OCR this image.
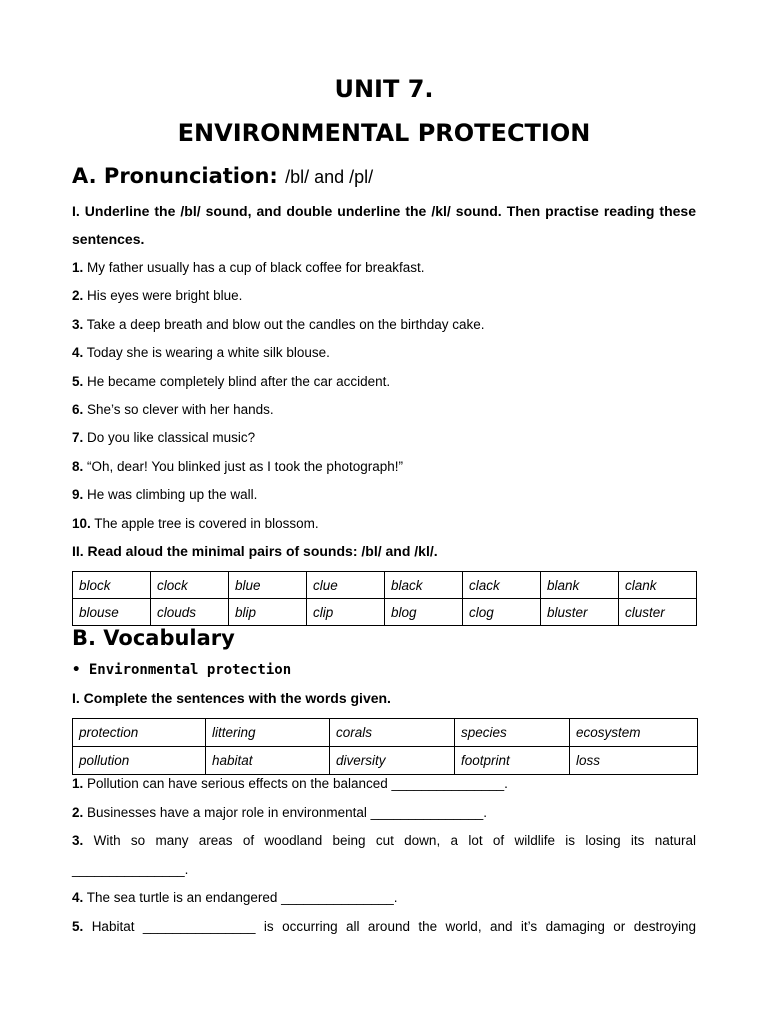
UNIT 7.
ENVIRONMENTAL PROTECTION
A. Pronunciation: /bl/ and /pl/
I. Underline the /bl/ sound, and double underline the /kl/ sound. Then practise reading these
sentences.
1. My father usually has a cup of black coffee for breakfast.
2. His eyes were bright blue.
3. Take a deep breath and blow out the candles on the birthday cake.
4. Today she is wearing a white silk blouse.
5. He became completely blind after the car accident.
6. She’s so clever with her hands.
7. Do you like classical music?
8. “Oh, dear! You blinked just as I took the photograph!”
9. He was climbing up the wall.
10. The apple tree is covered in blossom.
II. Read aloud the minimal pairs of sounds: /bl/ and /kl/.
block	clock	blue	clue	black	clack	blank	clank
blouse	clouds	blip	clip	blog	clog	bluster	cluster
B. Vocabulary
• Environmental protection
I. Complete the sentences with the words given.
protection	littering	corals	species	ecosystem
pollution	habitat	diversity	footprint	loss
1. Pollution can have serious effects on the balanced _______________.
2. Businesses have a major role in environmental _______________.
3. With so many areas of woodland being cut down, a lot of wildlife is losing its natural
_______________.
4. The sea turtle is an endangered _______________.
5. Habitat _______________ is occurring all around the world, and it’s damaging or destroying
